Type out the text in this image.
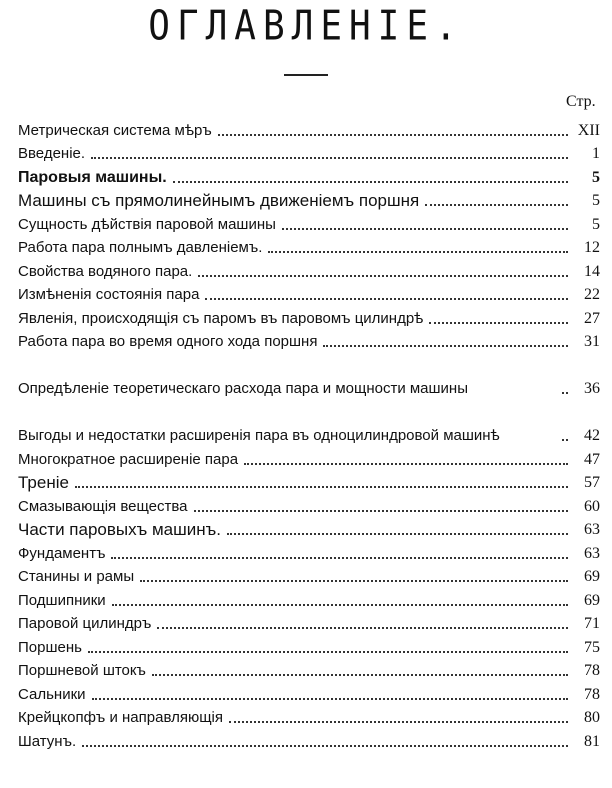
ОГЛАВЛЕНІЕ.
Стр.
Метрическая система мѣръ	XII
Введеніе.	1
Паровыя машины.	5
Машины съ прямолинейнымъ движеніемъ поршня	5
Сущность дѣйствія паровой машины	5
Работа пара полнымъ давленіемъ.	12
Свойства водяного пара.	14
Измѣненія состоянія пара	22
Явленія, происходящія съ паромъ въ паровомъ цилиндрѣ	27
Работа пара во время одного хода поршня	31
Опредѣленіе теоретическаго расхода пара и мощности машины	36
Выгоды и недостатки расширенія пара въ одноцилиндровой машинѣ	42
Многократное расширеніе пара	47
Треніе	57
Смазывающія вещества	60
Части паровыхъ машинъ.	63
Фундаментъ	63
Станины и рамы	69
Подшипники	69
Паровой цилиндръ	71
Поршень	75
Поршневой штокъ	78
Сальники	78
Крейцкопфъ и направляющія	80
Шатунъ.	81
